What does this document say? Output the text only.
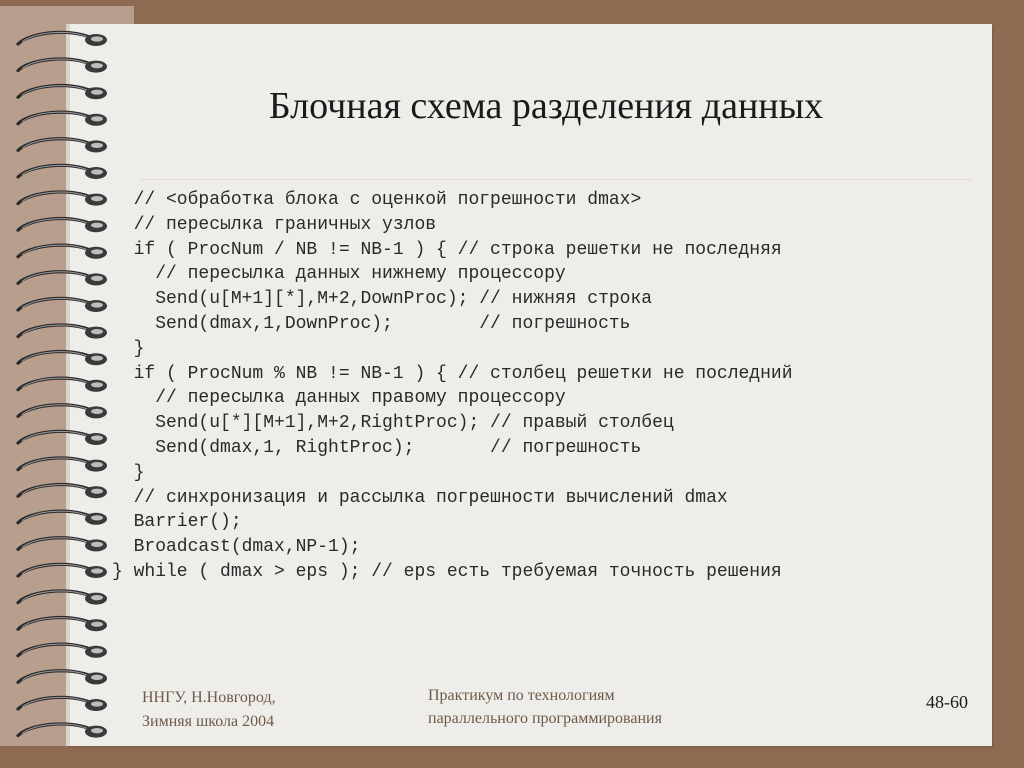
Блочная схема разделения данных
// <обработка блока с оценкой погрешности dmax>
// пересылка граничных узлов
if ( ProcNum / NB != NB-1 ) { // строка решетки не последняя
// пересылка данных нижнему процессору
Send(u[M+1][*],M+2,DownProc); // нижняя строка
Send(dmax,1,DownProc);        // погрешность
}
if ( ProcNum % NB != NB-1 ) { // столбец решетки не последний
// пересылка данных правому процессору
Send(u[*][M+1],M+2,RightProc); // правый столбец
Send(dmax,1, RightProc);       // погрешность
}
// синхронизация и рассылка погрешности вычислений dmax
Barrier();
Broadcast(dmax,NP-1);
} while ( dmax > eps ); // eps есть требуемая точность решения
ННГУ, Н.Новгород,
Зимняя школа 2004
Практикум по технологиям
параллельного программирования
48-60
